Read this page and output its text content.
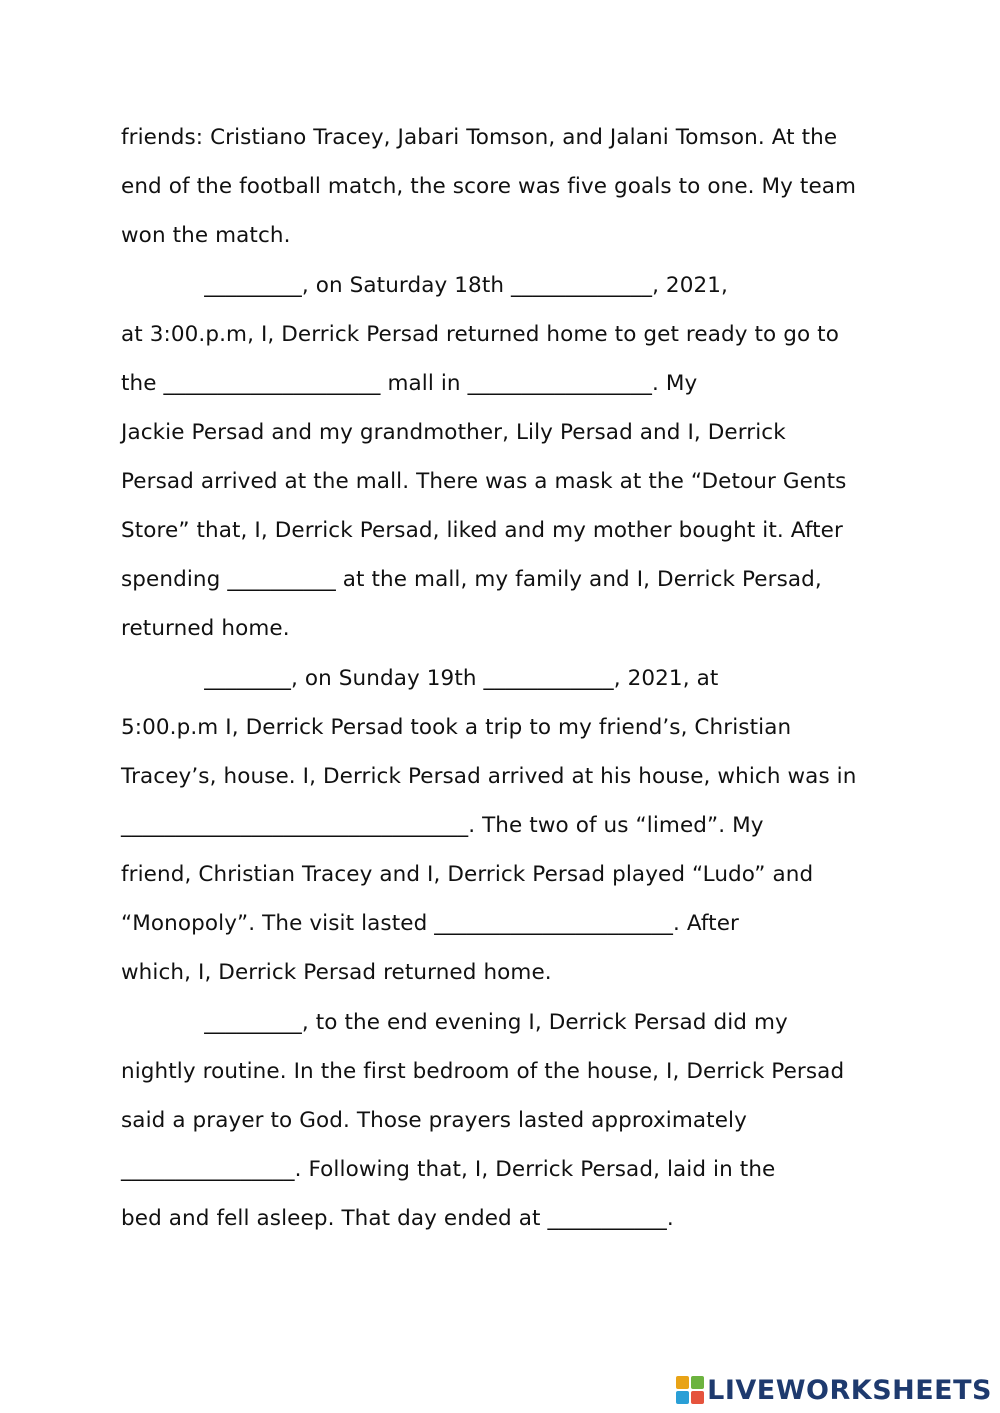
friends: Cristiano Tracey, Jabari Tomson, and Jalani Tomson. At the
end of the football match, the score was five goals to one. My team
won the match.
_________, on Saturday 18th _____________, 2021,
at 3:00.p.m, I, Derrick Persad returned home to get ready to go to
the ____________________ mall in _________________. My
Jackie Persad and my grandmother, Lily Persad and I, Derrick
Persad arrived at the mall. There was a mask at the “Detour Gents
Store” that, I, Derrick Persad, liked and my mother bought it. After
spending __________ at the mall, my family and I, Derrick Persad,
returned home.
________, on Sunday 19th ____________, 2021, at
5:00.p.m I, Derrick Persad took a trip to my friend’s, Christian
Tracey’s, house. I, Derrick Persad arrived at his house, which was in
________________________________. The two of us “limed”. My
friend, Christian Tracey and I, Derrick Persad played “Ludo” and
“Monopoly”. The visit lasted ______________________. After
which, I, Derrick Persad returned home.
_________, to the end evening I, Derrick Persad did my
nightly routine. In the first bedroom of the house, I, Derrick Persad
said a prayer to God. Those prayers lasted approximately
________________. Following that, I, Derrick Persad, laid in the
bed and fell asleep. That day ended at ___________.
LIVEWORKSHEETS
